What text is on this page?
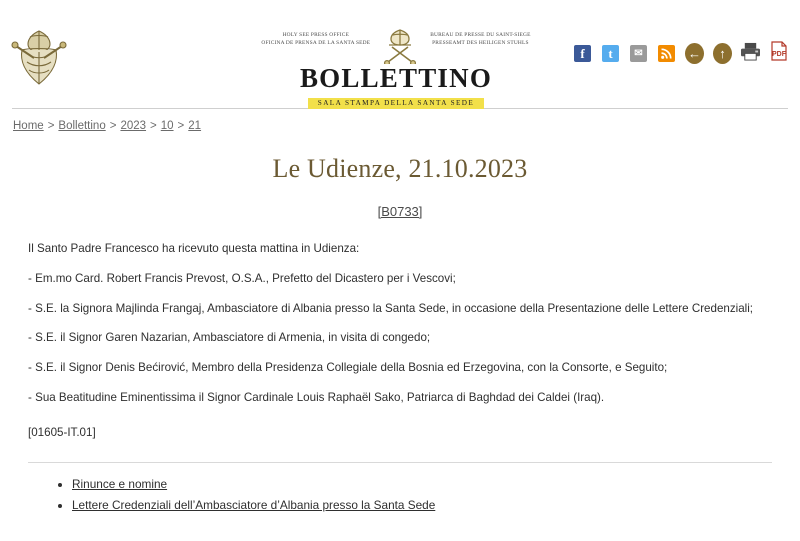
HOLY SEE PRESS OFFICE
OFICINA DE PRENSA DE LA SANTA SEDE
BUREAU DE PRESSE DU SAINT-SIEGE
PRESSEAMT DES HEILIGEN STUHLS
BOLLETTINO
SALA STAMPA DELLA SANTA SEDE
f	t	✉	←	↑	PDF
Home > Bollettino > 2023 > 10 > 21
Le Udienze, 21.10.2023
[B0733]

Il Santo Padre Francesco ha ricevuto questa mattina in Udienza:

- Em.mo Card. Robert Francis Prevost, O.S.A., Prefetto del Dicastero per i Vescovi;

- S.E. la Signora Majlinda Frangaj, Ambasciatore di Albania presso la Santa Sede, in occasione della Presentazione delle Lettere Credenziali;

- S.E. il Signor Garen Nazarian, Ambasciatore di Armenia, in visita di congedo;

- S.E. il Signor Denis Bećirović, Membro della Presidenza Collegiale della Bosnia ed Erzegovina, con la Consorte, e Seguito;

- Sua Beatitudine Eminentissima il Signor Cardinale Louis Raphaël Sako, Patriarca di Baghdad dei Caldei (Iraq).

[01605-IT.01]

• Rinunce e nomine
• Lettere Credenziali dell’Ambasciatore d’Albania presso la Santa Sede
